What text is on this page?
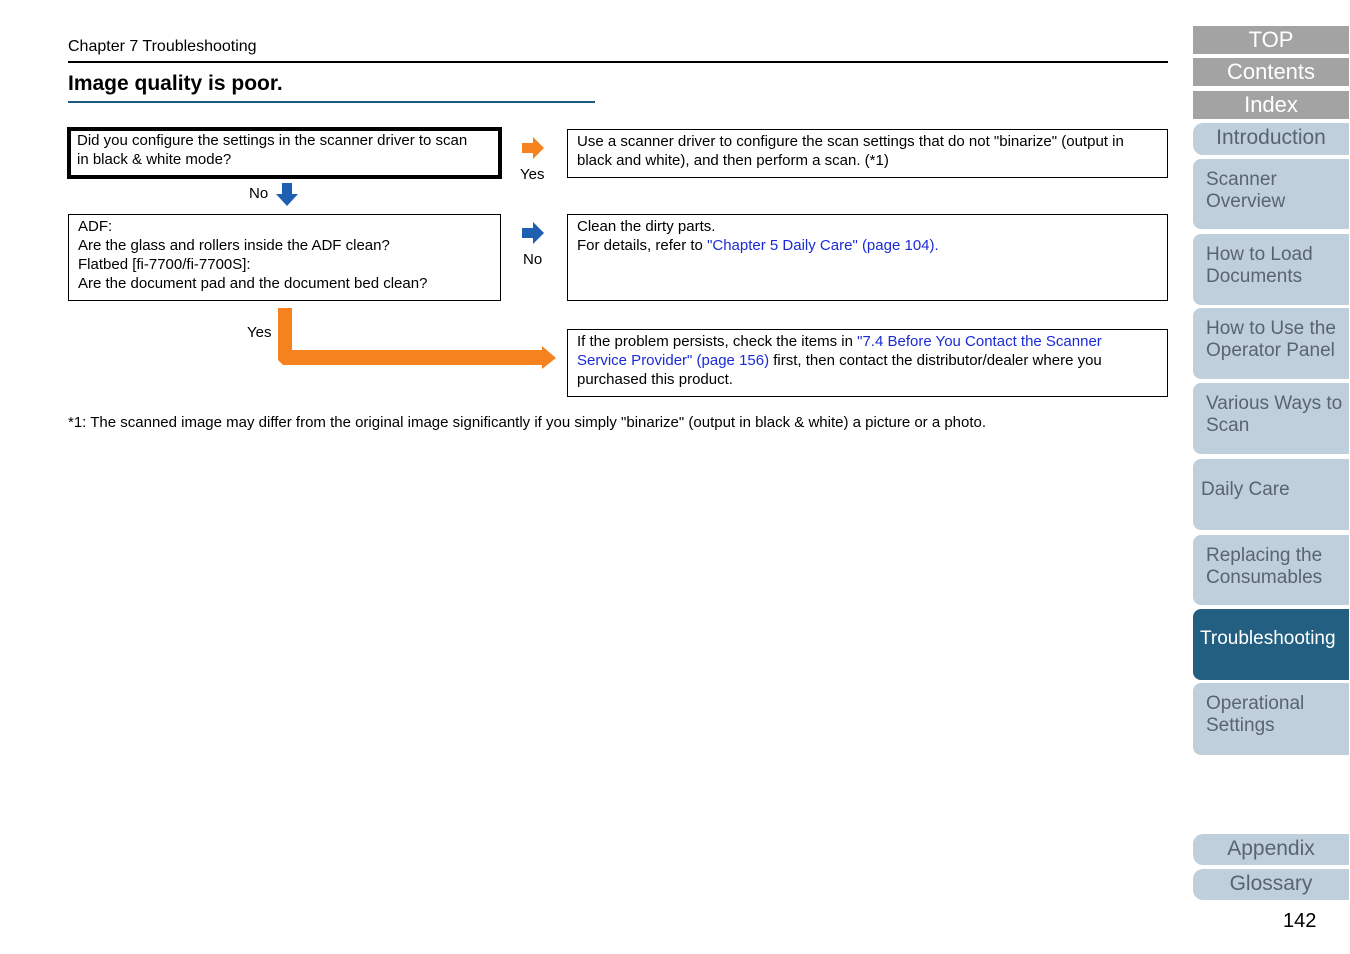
Chapter 7 Troubleshooting
Image quality is poor.
Did you configure the settings in the scanner driver to scan
in black & white mode?
Yes
Use a scanner driver to configure the scan settings that do not "binarize" (output in
black and white), and then perform a scan. (*1)
No
ADF:
Are the glass and rollers inside the ADF clean?
Flatbed [fi-7700/fi-7700S]:
Are the document pad and the document bed clean?
No
Clean the dirty parts.
For details, refer to "Chapter 5 Daily Care" (page 104).
Yes
If the problem persists, check the items in "7.4 Before You Contact the Scanner
Service Provider" (page 156) first, then contact the distributor/dealer where you
purchased this product.
*1: The scanned image may differ from the original image significantly if you simply "binarize" (output in black & white) a picture or a photo.
TOP
Contents
Index
Introduction
Scanner
Overview
How to Load
Documents
How to Use the
Operator Panel
Various Ways to
Scan
Daily Care
Replacing the
Consumables
Troubleshooting
Operational
Settings
Appendix
Glossary
142
